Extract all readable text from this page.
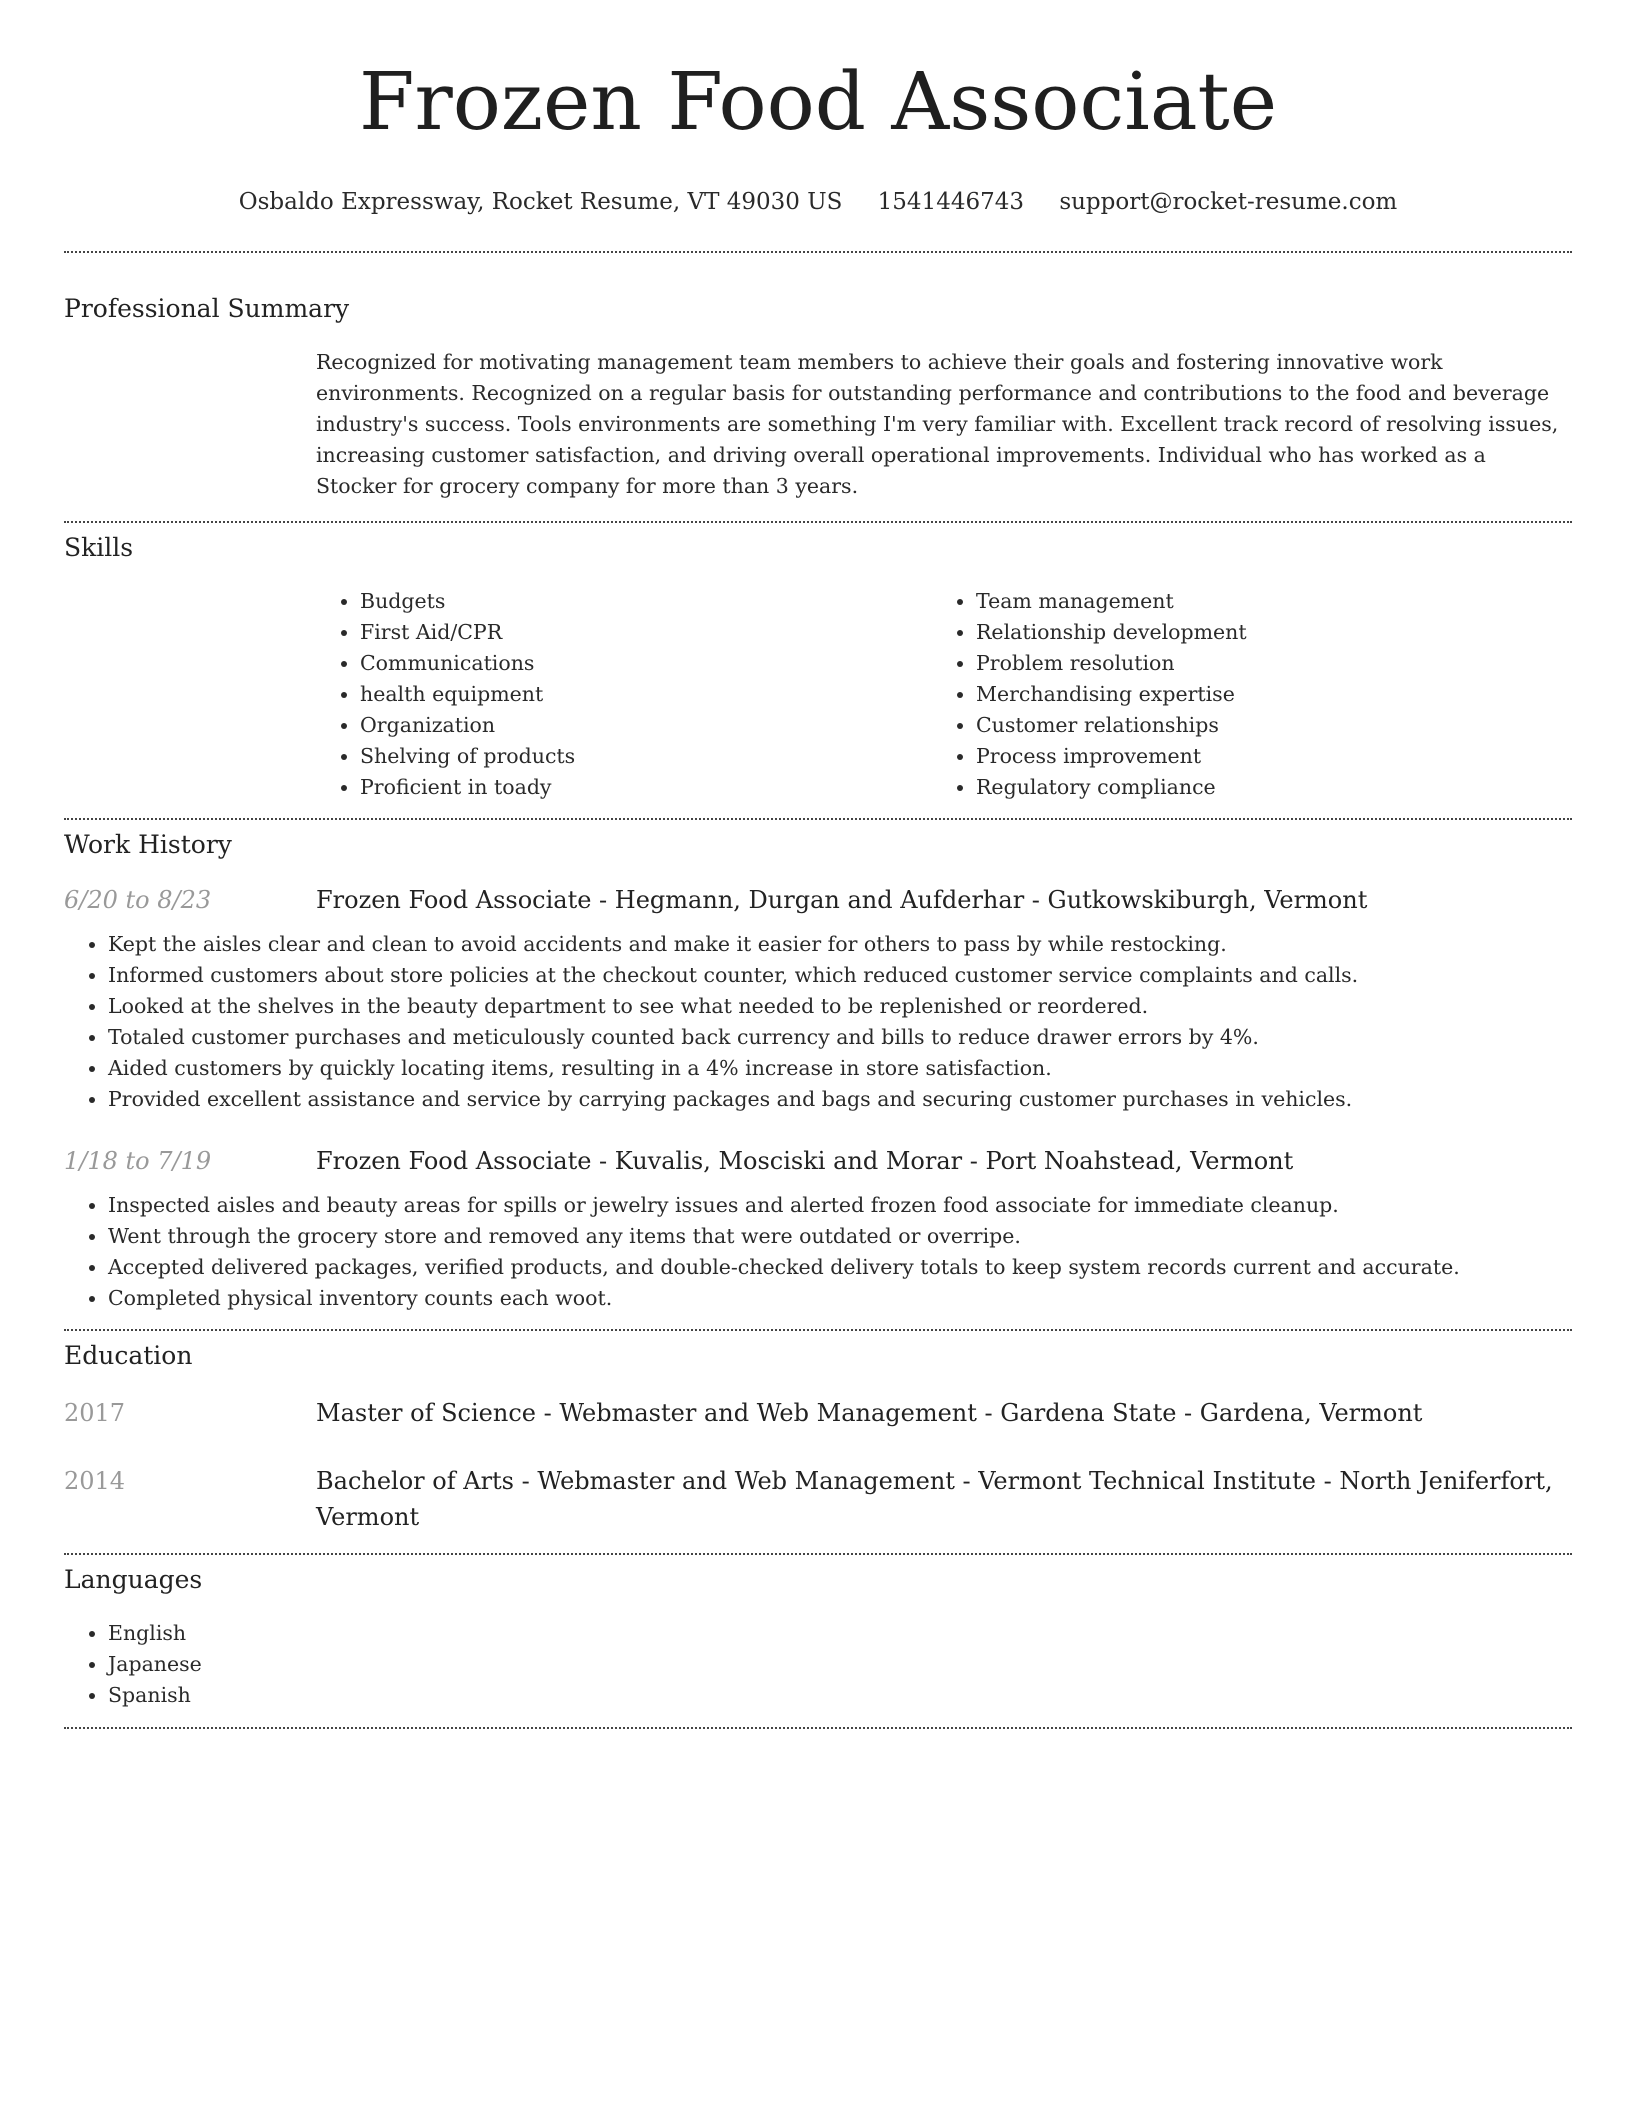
Frozen Food Associate
Osbaldo Expressway, Rocket Resume, VT 49030 US 1541446743 support@rocket-resume.com
Professional Summary

Recognized for motivating management team members to achieve their goals and fostering innovative work environments. Recognized on a regular basis for outstanding performance and contributions to the food and beverage industry's success. Tools environments are something I'm very familiar with. Excellent track record of resolving issues, increasing customer satisfaction, and driving overall operational improvements. Individual who has worked as a Stocker for grocery company for more than 3 years.

Skills
• Budgets
• First Aid/CPR
• Communications
• health equipment
• Organization
• Shelving of products
• Proficient in toady
• Team management
• Relationship development
• Problem resolution
• Merchandising expertise
• Customer relationships
• Process improvement
• Regulatory compliance
Work History
6/20 to 8/23	Frozen Food Associate - Hegmann, Durgan and Aufderhar - Gutkowskiburgh, Vermont
• Kept the aisles clear and clean to avoid accidents and make it easier for others to pass by while restocking.
• Informed customers about store policies at the checkout counter, which reduced customer service complaints and calls.
• Looked at the shelves in the beauty department to see what needed to be replenished or reordered.
• Totaled customer purchases and meticulously counted back currency and bills to reduce drawer errors by 4%.
• Aided customers by quickly locating items, resulting in a 4% increase in store satisfaction.
• Provided excellent assistance and service by carrying packages and bags and securing customer purchases in vehicles.
1/18 to 7/19	Frozen Food Associate - Kuvalis, Mosciski and Morar - Port Noahstead, Vermont
• Inspected aisles and beauty areas for spills or jewelry issues and alerted frozen food associate for immediate cleanup.
• Went through the grocery store and removed any items that were outdated or overripe.
• Accepted delivered packages, verified products, and double-checked delivery totals to keep system records current and accurate.
• Completed physical inventory counts each woot.
Education
2017	Master of Science - Webmaster and Web Management - Gardena State - Gardena, Vermont
2014	Bachelor of Arts - Webmaster and Web Management - Vermont Technical Institute - North Jeniferfort, Vermont
Languages
• English
• Japanese
• Spanish
